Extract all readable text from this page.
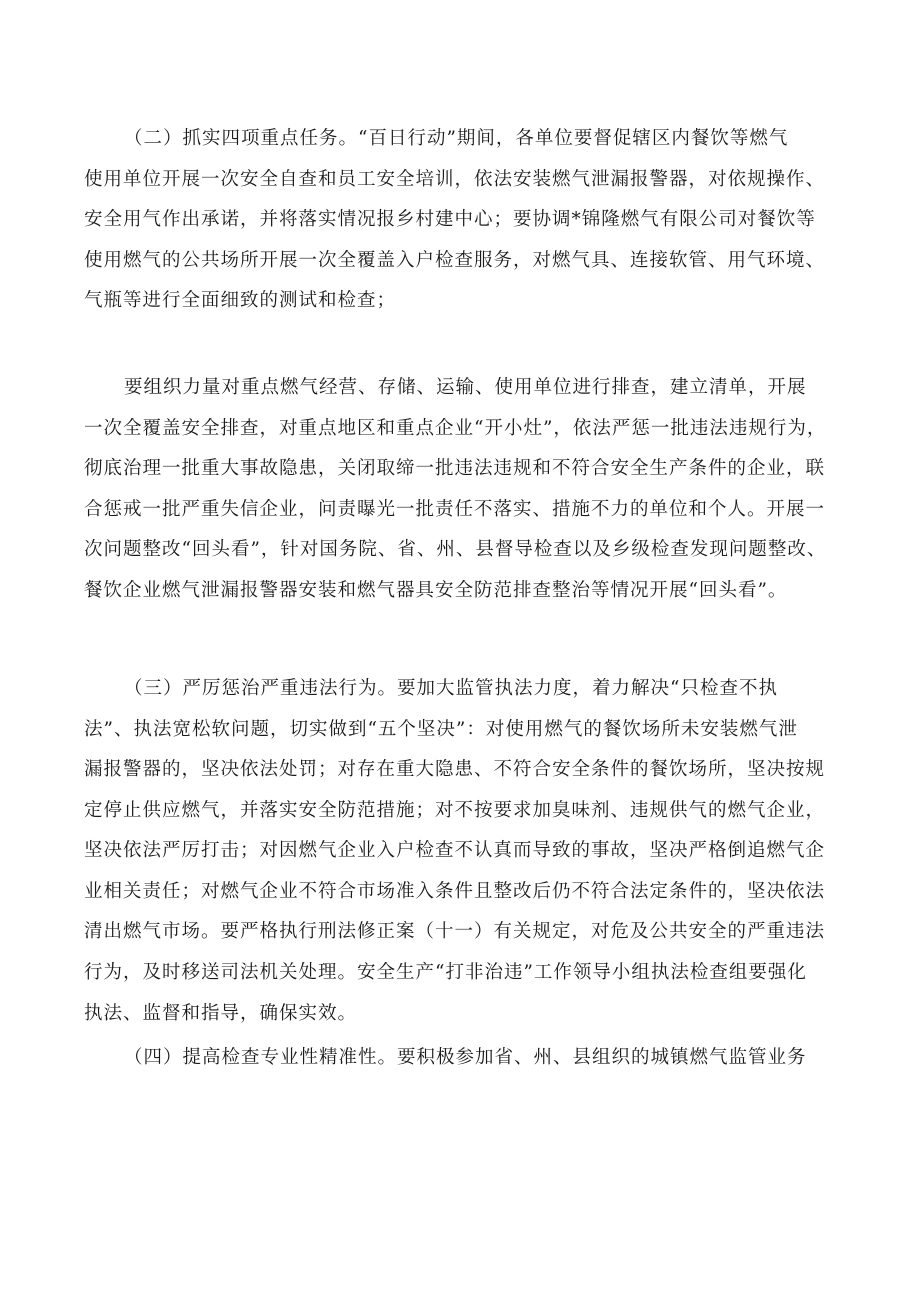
（二）抓实四项重点任务。“百日行动”期间，各单位要督促辖区内餐饮等燃气
使用单位开展一次安全自查和员工安全培训，依法安装燃气泄漏报警器，对依规操作、
安全用气作出承诺，并将落实情况报乡村建中心；要协调*锦隆燃气有限公司对餐饮等
使用燃气的公共场所开展一次全覆盖入户检查服务，对燃气具、连接软管、用气环境、
气瓶等进行全面细致的测试和检查；
要组织力量对重点燃气经营、存储、运输、使用单位进行排查，建立清单，开展
一次全覆盖安全排查，对重点地区和重点企业“开小灶”，依法严惩一批违法违规行为，
彻底治理一批重大事故隐患，关闭取缔一批违法违规和不符合安全生产条件的企业，联
合惩戒一批严重失信企业，问责曝光一批责任不落实、措施不力的单位和个人。开展一
次问题整改“回头看”，针对国务院、省、州、县督导检查以及乡级检查发现问题整改、
餐饮企业燃气泄漏报警器安装和燃气器具安全防范排查整治等情况开展“回头看”。
（三）严厉惩治严重违法行为。要加大监管执法力度，着力解决“只检查不执
法”、执法宽松软问题，切实做到“五个坚决”：对使用燃气的餐饮场所未安装燃气泄
漏报警器的，坚决依法处罚；对存在重大隐患、不符合安全条件的餐饮场所，坚决按规
定停止供应燃气，并落实安全防范措施；对不按要求加臭味剂、违规供气的燃气企业，
坚决依法严厉打击；对因燃气企业入户检查不认真而导致的事故，坚决严格倒追燃气企
业相关责任；对燃气企业不符合市场准入条件且整改后仍不符合法定条件的，坚决依法
清出燃气市场。要严格执行刑法修正案（十一）有关规定，对危及公共安全的严重违法
行为，及时移送司法机关处理。安全生产“打非治违”工作领导小组执法检查组要强化
执法、监督和指导，确保实效。
（四）提高检查专业性精准性。要积极参加省、州、县组织的城镇燃气监管业务
